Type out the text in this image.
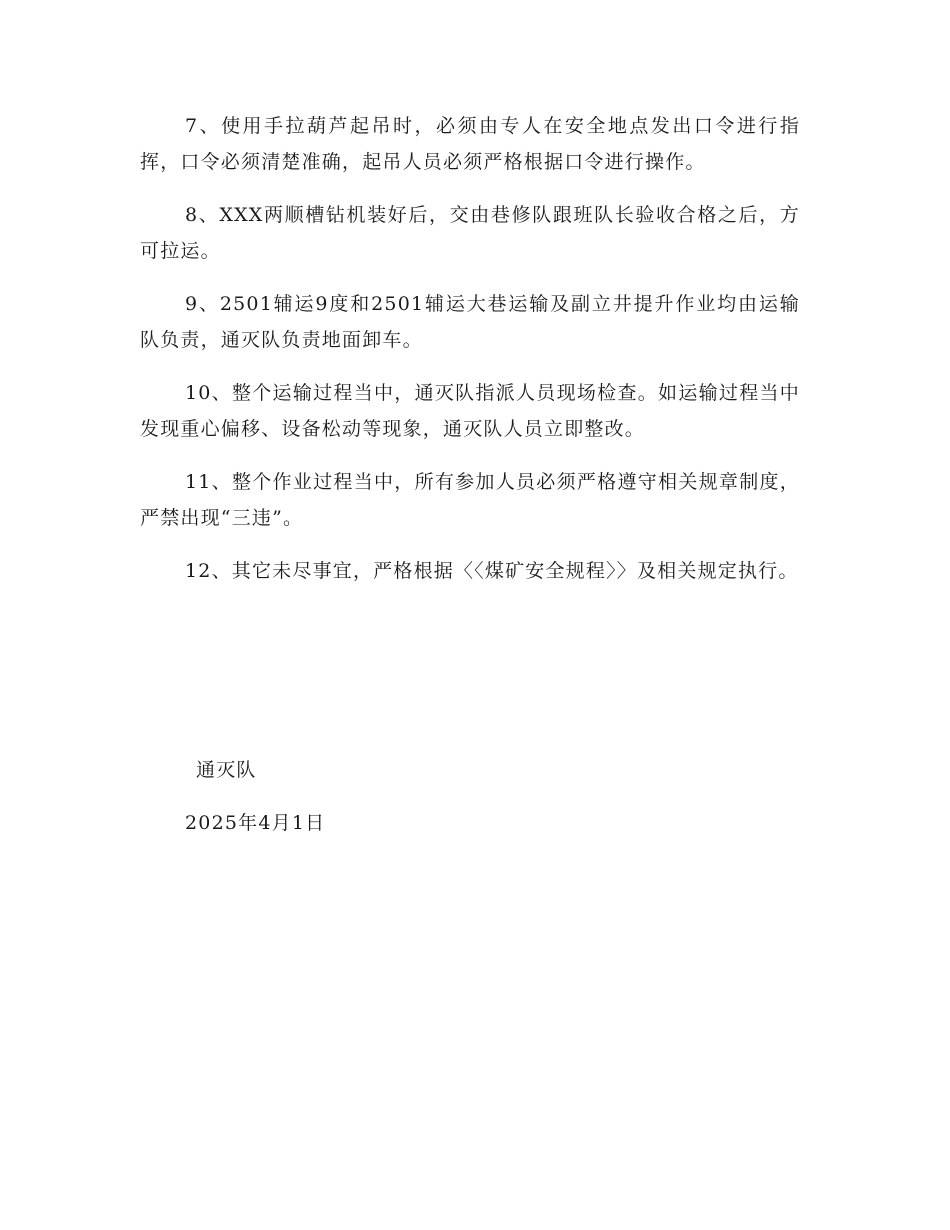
7、使用手拉葫芦起吊时，必须由专人在安全地点发出口令进行指挥，口令必须清楚准确，起吊人员必须严格根据口令进行操作。

8、XXX两顺槽钻机装好后，交由巷修队跟班队长验收合格之后，方可拉运。

9、2501辅运9度和2501辅运大巷运输及副立井提升作业均由运输队负责，通灭队负责地面卸车。

10、整个运输过程当中，通灭队指派人员现场检查。如运输过程当中发现重心偏移、设备松动等现象，通灭队人员立即整改。

11、整个作业过程当中，所有参加人员必须严格遵守相关规章制度，严禁出现“三违”。

12、其它未尽事宜，严格根据〈〈煤矿安全规程〉〉及相关规定执行。

通灭队

2025年4月1日
